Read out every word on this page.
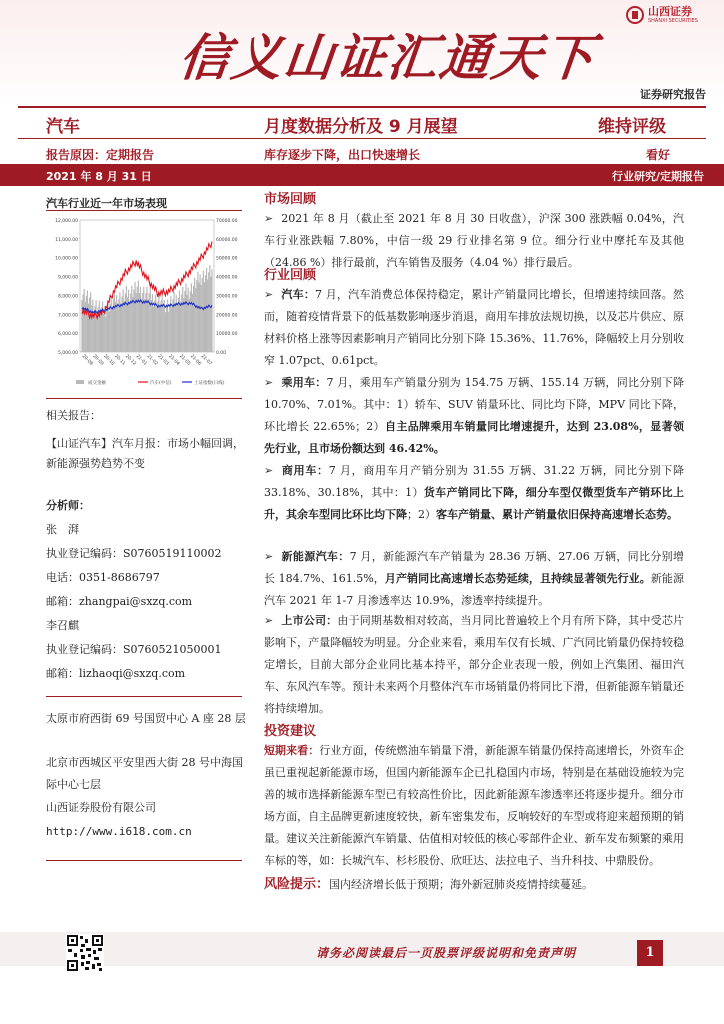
信义山证汇通天下
山西证券
SHANXI SECURITIES
证券研究报告
汽车	月度数据分析及 9 月展望	维持评级
报告原因：定期报告	库存逐步下降，出口快速增长	看好
2021 年 8 月 31 日	行业研究/定期报告
汽车行业近一年市场表现
12,000.00
11,000.00
10,000.00
9,000.00
8,000.00
7,000.00
6,000.00
5,000.00
70000.00
60000.00
50000.00
40000.00
30000.00
20000.00
10000.00
0.00
20-08
20-09
20-10
20-11
20-12
21-01
21-02
21-03
21-04
21-05
21-06
21-07
成交金额	汽车(中信)	上证指数(日线)
相关报告：
【山证汽车】汽车月报：市场小幅回调，新能源强势趋势不变
分析师：
张　湃
执业登记编码：S0760519110002
电话：0351-8686797
邮箱：zhangpai@sxzq.com
李召麒
执业登记编码：S0760521050001
邮箱：lizhaoqi@sxzq.com
太原市府西街 69 号国贸中心 A 座 28 层
北京市西城区平安里西大街 28 号中海国际中心七层
山西证券股份有限公司
http://www.i618.com.cn
市场回顾
➢ 2021 年 8 月（截止至 2021 年 8 月 30 日收盘），沪深 300 涨跌幅 0.04%，汽车行业涨跌幅 7.80%，中信一级 29 行业排名第 9 位。细分行业中摩托车及其他（24.86 %）排行最前，汽车销售及服务（4.04 %）排行最后。
行业回顾
➢ 汽车：7 月，汽车消费总体保持稳定，累计产销量同比增长，但增速持续回落。然而，随着疫情背景下的低基数影响逐步消退，商用车排放法规切换，以及芯片供应、原材料价格上涨等因素影响月产销同比分别下降 15.36%、11.76%，降幅较上月分别收窄 1.07pct、0.61pct。
➢ 乘用车：7 月，乘用车产销量分别为 154.75 万辆、155.14 万辆，同比分别下降 10.70%、7.01%。其中：1）轿车、SUV 销量环比、同比均下降，MPV 同比下降，环比增长 22.65%；2）自主品牌乘用车销量同比增速提升，达到 23.08%，显著领先行业，且市场份额达到 46.42%。
➢ 商用车：7 月，商用车月产销分别为 31.55 万辆、31.22 万辆，同比分别下降 33.18%、30.18%，其中：1）货车产销同比下降，细分车型仅微型货车产销环比上升，其余车型同比环比均下降；2）客车产销量、累计产销量依旧保持高速增长态势。
➢ 新能源汽车：7 月，新能源汽车产销量为 28.36 万辆、27.06 万辆，同比分别增长 184.7%、161.5%，月产销同比高速增长态势延续，且持续显著领先行业。新能源汽车 2021 年 1-7 月渗透率达 10.9%，渗透率持续提升。
➢ 上市公司：由于同期基数相对较高，当月同比普遍较上个月有所下降，其中受芯片影响下，产量降幅较为明显。分企业来看，乘用车仅有长城、广汽同比销量仍保持较稳定增长，目前大部分企业同比基本持平，部分企业表现一般，例如上汽集团、福田汽车、东风汽车等。预计未来两个月整体汽车市场销量仍将同比下滑，但新能源车销量还将持续增加。
投资建议
短期来看：行业方面，传统燃油车销量下滑，新能源车销量仍保持高速增长，外资车企虽已重视起新能源市场，但国内新能源车企已扎稳国内市场，特别是在基础设施较为完善的城市选择新能源车型已有较高性价比，因此新能源车渗透率还将逐步提升。细分市场方面，自主品牌更新速度较快，新车密集发布，反响较好的车型或将迎来超预期的销量。建议关注新能源汽车销量、估值相对较低的核心零部件企业、新车发布频繁的乘用车标的等，如：长城汽车、杉杉股份、欣旺达、法拉电子、当升科技、中鼎股份。
风险提示：国内经济增长低于预期；海外新冠肺炎疫情持续蔓延。
请务必阅读最后一页股票评级说明和免责声明	1
